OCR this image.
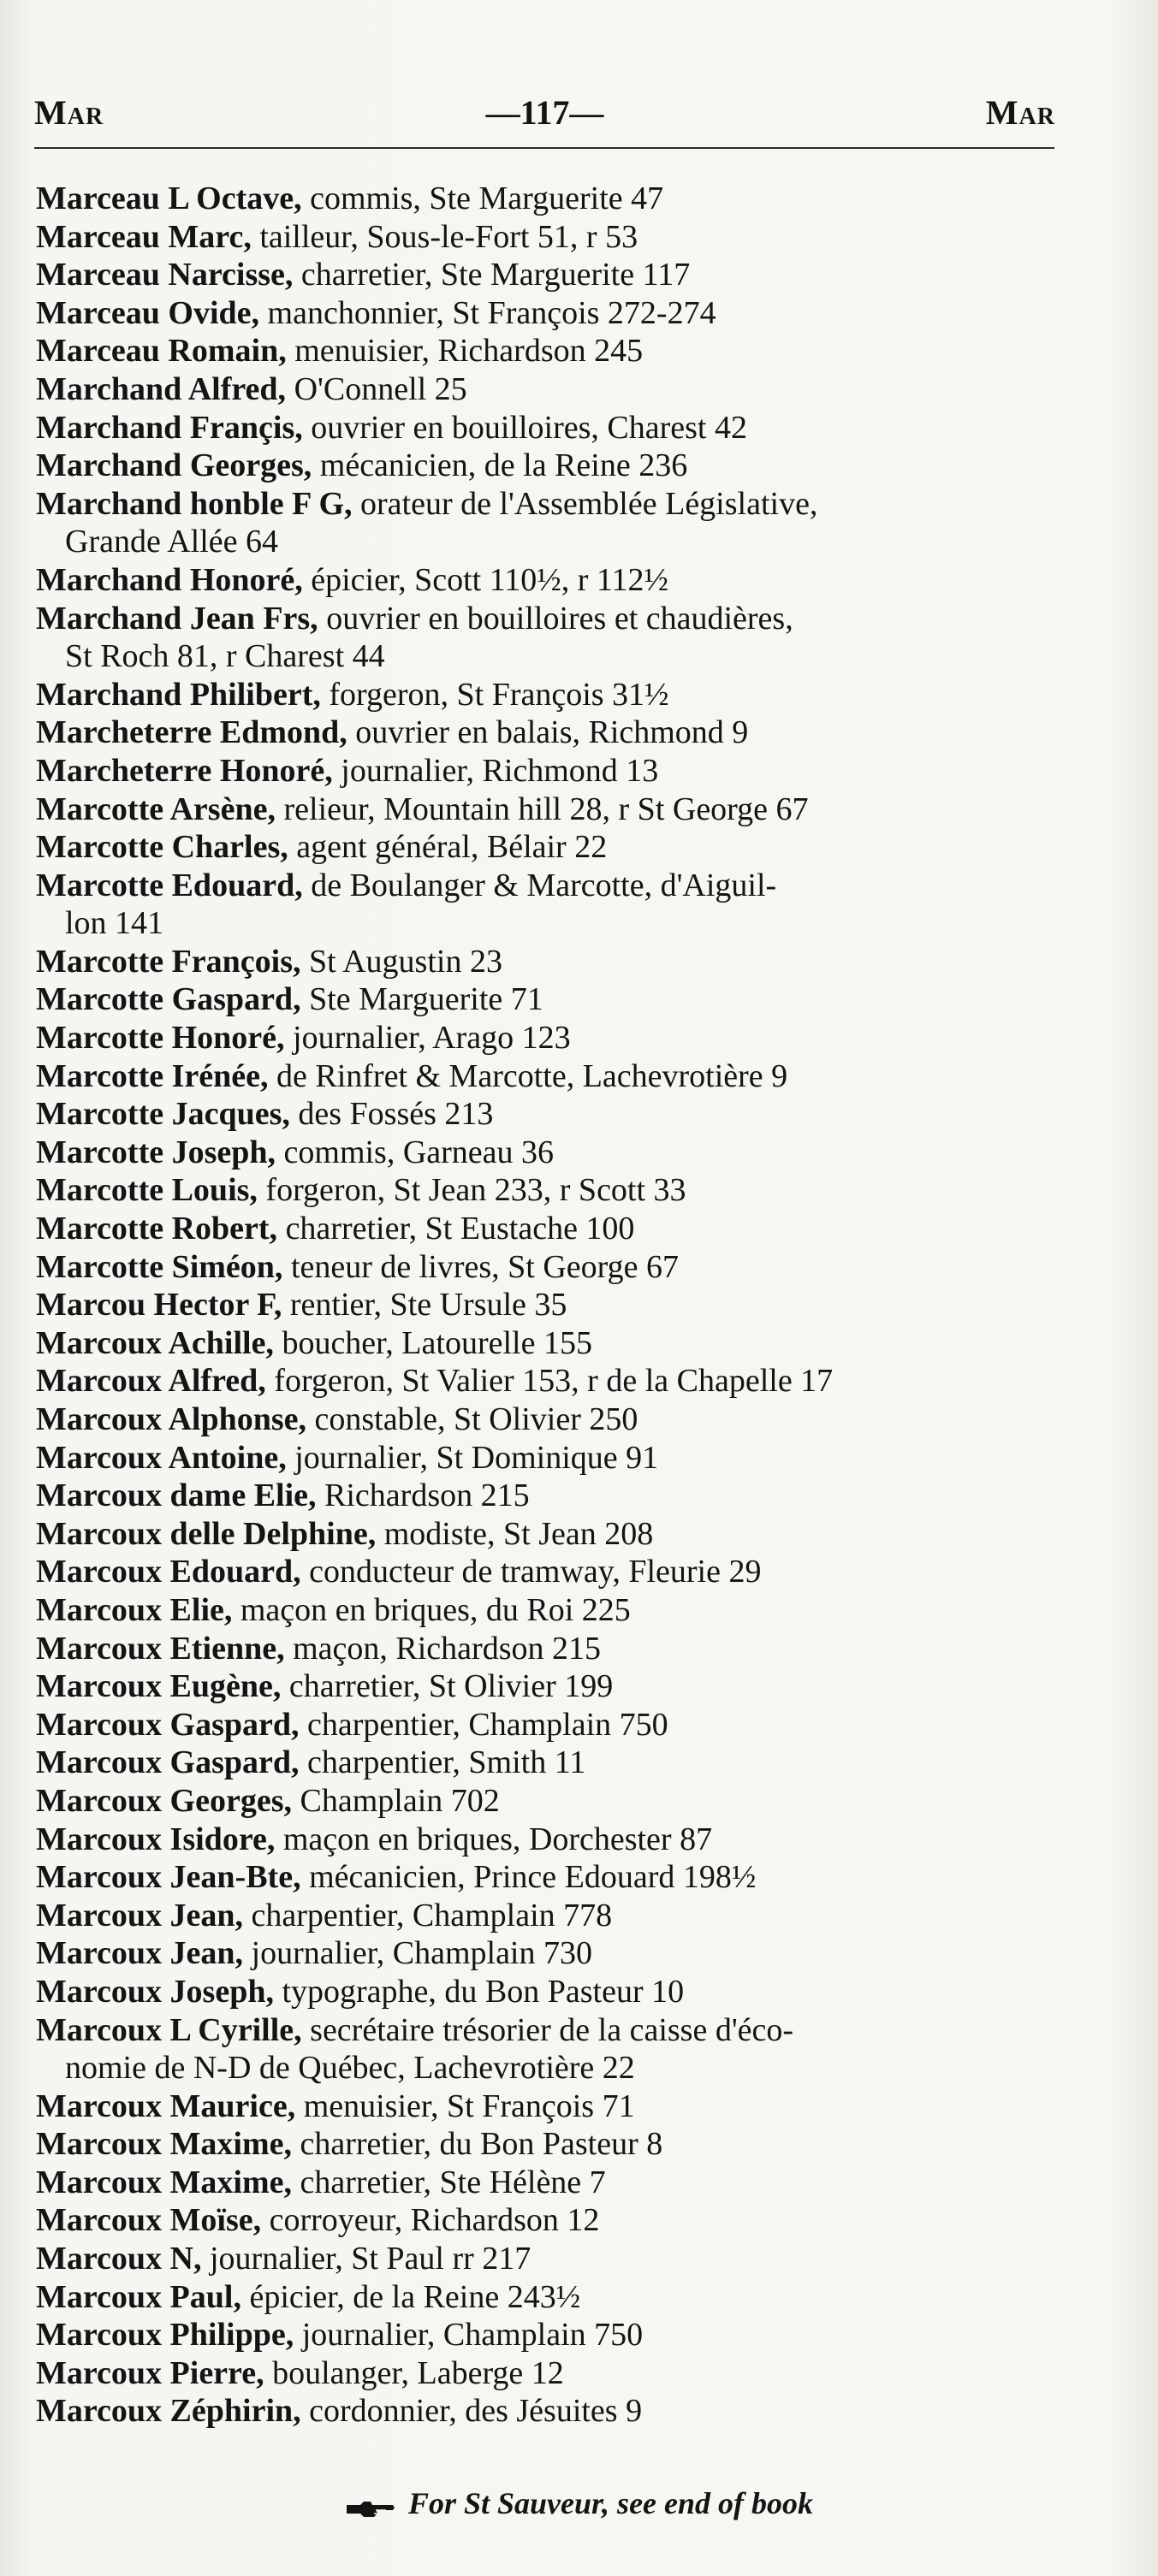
Mar	—117—	Mar

Marceau L Octave, commis, Ste Marguerite 47

Marceau Marc, tailleur, Sous-le-Fort 51, r 53

Marceau Narcisse, charretier, Ste Marguerite 117

Marceau Ovide, manchonnier, St François 272-274

Marceau Romain, menuisier, Richardson 245

Marchand Alfred, O'Connell 25

Marchand Françis, ouvrier en bouilloires, Charest 42

Marchand Georges, mécanicien, de la Reine 236

Marchand honble F G, orateur de l'Assemblée Législative,
Grande Allée 64

Marchand Honoré, épicier, Scott 110½, r 112½

Marchand Jean Frs, ouvrier en bouilloires et chaudières,
St Roch 81, r Charest 44

Marchand Philibert, forgeron, St François 31½

Marcheterre Edmond, ouvrier en balais, Richmond 9

Marcheterre Honoré, journalier, Richmond 13

Marcotte Arsène, relieur, Mountain hill 28, r St George 67

Marcotte Charles, agent général, Bélair 22

Marcotte Edouard, de Boulanger & Marcotte, d'Aiguil-
lon 141

Marcotte François, St Augustin 23

Marcotte Gaspard, Ste Marguerite 71

Marcotte Honoré, journalier, Arago 123

Marcotte Irénée, de Rinfret & Marcotte, Lachevrotière 9

Marcotte Jacques, des Fossés 213

Marcotte Joseph, commis, Garneau 36

Marcotte Louis, forgeron, St Jean 233, r Scott 33

Marcotte Robert, charretier, St Eustache 100

Marcotte Siméon, teneur de livres, St George 67

Marcou Hector F, rentier, Ste Ursule 35

Marcoux Achille, boucher, Latourelle 155

Marcoux Alfred, forgeron, St Valier 153, r de la Chapelle 17

Marcoux Alphonse, constable, St Olivier 250

Marcoux Antoine, journalier, St Dominique 91

Marcoux dame Elie, Richardson 215

Marcoux delle Delphine, modiste, St Jean 208

Marcoux Edouard, conducteur de tramway, Fleurie 29

Marcoux Elie, maçon en briques, du Roi 225

Marcoux Etienne, maçon, Richardson 215

Marcoux Eugène, charretier, St Olivier 199

Marcoux Gaspard, charpentier, Champlain 750

Marcoux Gaspard, charpentier, Smith 11

Marcoux Georges, Champlain 702

Marcoux Isidore, maçon en briques, Dorchester 87

Marcoux Jean-Bte, mécanicien, Prince Edouard 198½

Marcoux Jean, charpentier, Champlain 778

Marcoux Jean, journalier, Champlain 730

Marcoux Joseph, typographe, du Bon Pasteur 10

Marcoux L Cyrille, secrétaire trésorier de la caisse d'éco-
nomie de N-D de Québec, Lachevrotière 22

Marcoux Maurice, menuisier, St François 71

Marcoux Maxime, charretier, du Bon Pasteur 8

Marcoux Maxime, charretier, Ste Hélène 7

Marcoux Moïse, corroyeur, Richardson 12

Marcoux N, journalier, St Paul rr 217

Marcoux Paul, épicier, de la Reine 243½

Marcoux Philippe, journalier, Champlain 750

Marcoux Pierre, boulanger, Laberge 12

Marcoux Zéphirin, cordonnier, des Jésuites 9

For St Sauveur, see end of book
